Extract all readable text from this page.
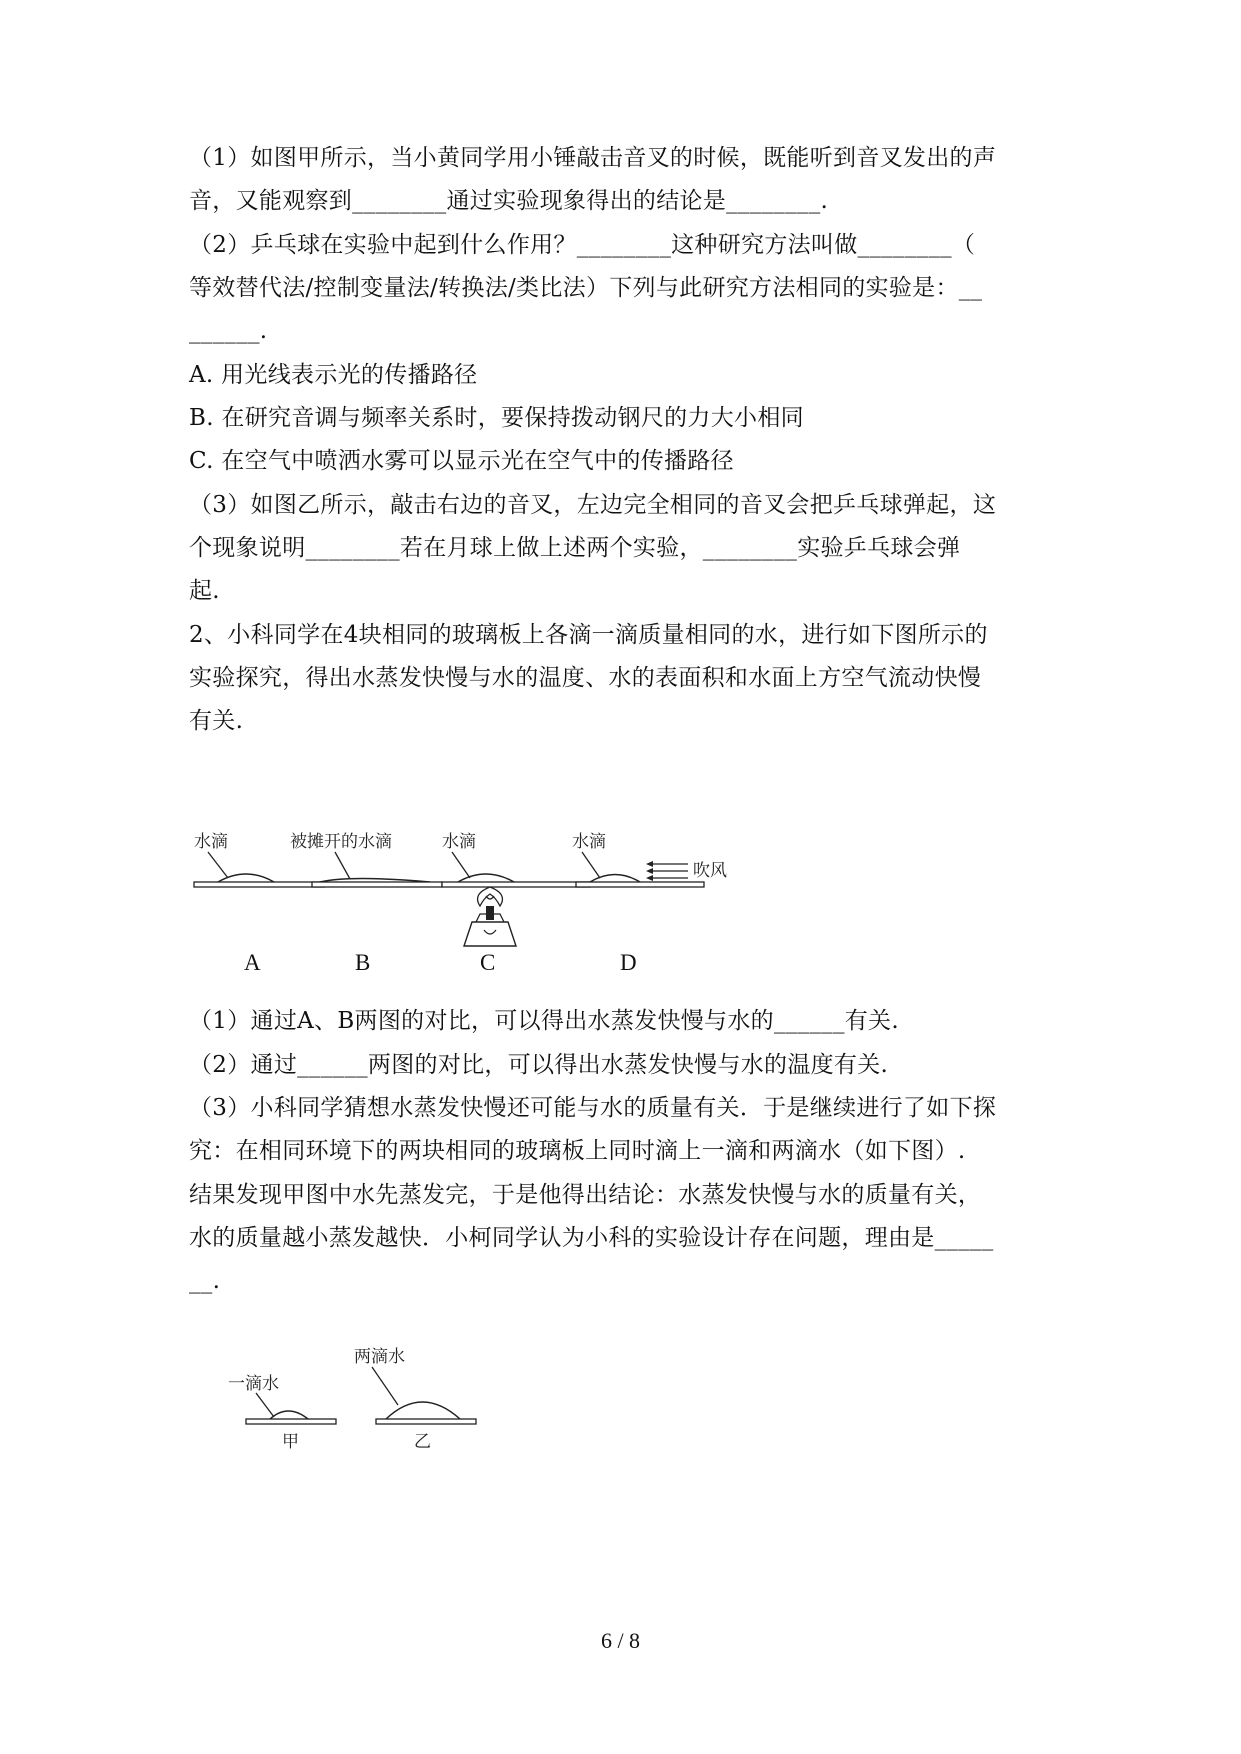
（1）如图甲所示，当小黄同学用小锤敲击音叉的时候，既能听到音叉发出的声
音，又能观察到________通过实验现象得出的结论是________.
（2）乒乓球在实验中起到什么作用？________这种研究方法叫做________（
等效替代法/控制变量法/转换法/类比法）下列与此研究方法相同的实验是：__
______.
A. 用光线表示光的传播路径
B. 在研究音调与频率关系时，要保持拨动钢尺的力大小相同
C. 在空气中喷洒水雾可以显示光在空气中的传播路径
（3）如图乙所示，敲击右边的音叉，左边完全相同的音叉会把乒乓球弹起，这
个现象说明________若在月球上做上述两个实验，________实验乒乓球会弹
起.
2、小科同学在4块相同的玻璃板上各滴一滴质量相同的水，进行如下图所示的
实验探究，得出水蒸发快慢与水的温度、水的表面积和水面上方空气流动快慢
有关.
水滴
A
被摊开的水滴
B
水滴
C
水滴
吹风
D
（1）通过A、B两图的对比，可以得出水蒸发快慢与水的______有关.
（2）通过______两图的对比，可以得出水蒸发快慢与水的温度有关.
（3）小科同学猜想水蒸发快慢还可能与水的质量有关．于是继续进行了如下探
究：在相同环境下的两块相同的玻璃板上同时滴上一滴和两滴水（如下图）.
结果发现甲图中水先蒸发完，于是他得出结论：水蒸发快慢与水的质量有关，
水的质量越小蒸发越快．小柯同学认为小科的实验设计存在问题，理由是_____
__.
一滴水
甲
两滴水
乙
6 / 8
